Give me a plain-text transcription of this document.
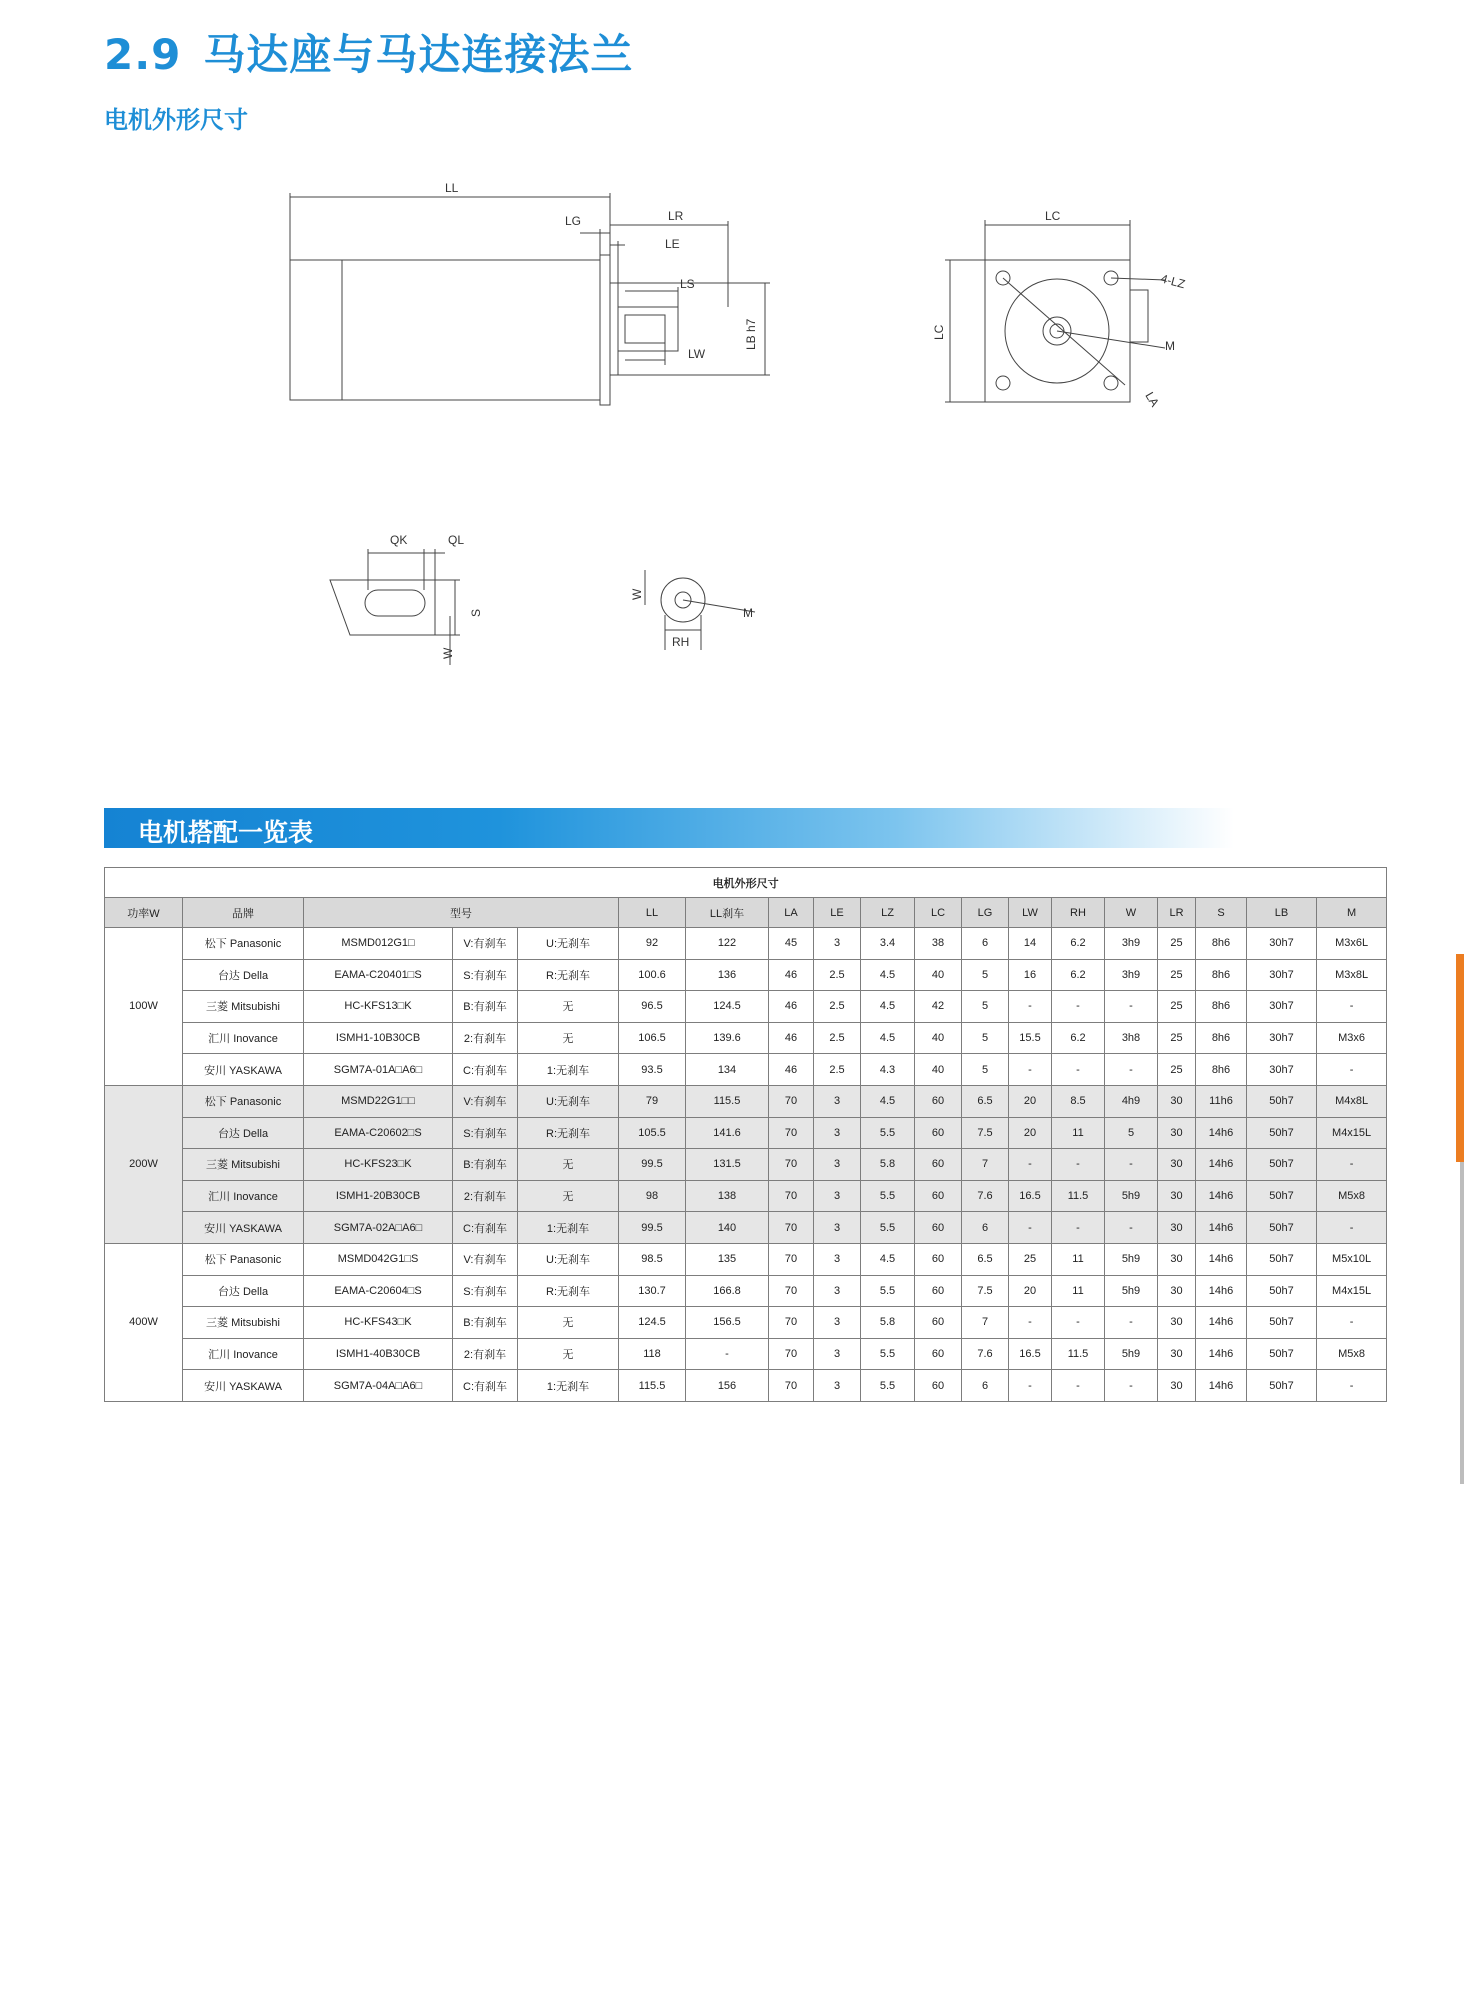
2.9 马达座与马达连接法兰
电机外形尺寸
LL
LG	LR
LE
LS
LW
LB h7
LC
LC
4-LZ
M
LA
QK	QL
S
W
W
RH
M
电机搭配一览表
电机外形尺寸																		
功率W	品牌	型号			LL	LL刹车	LA	LE	LZ	LC	LG	LW	RH	W	LR	S	LB	M
100W	松下 Panasonic	MSMD012G1□	V:有刹车	U:无刹车	92	122	45	3	3.4	38	6	14	6.2	3h9	25	8h6	30h7	M3x6L
	台达 Della	EAMA-C20401□S	S:有刹车	R:无刹车	100.6	136	46	2.5	4.5	40	5	16	6.2	3h9	25	8h6	30h7	M3x8L
	三菱 Mitsubishi	HC-KFS13□K	B:有刹车	无	96.5	124.5	46	2.5	4.5	42	5	-	-	-	25	8h6	30h7	-
	汇川 Inovance	ISMH1-10B30CB	2:有刹车	无	106.5	139.6	46	2.5	4.5	40	5	15.5	6.2	3h8	25	8h6	30h7	M3x6
	安川 YASKAWA	SGM7A-01A□A6□	C:有刹车	1:无刹车	93.5	134	46	2.5	4.3	40	5	-	-	-	25	8h6	30h7	-
200W	松下 Panasonic	MSMD22G1□□	V:有刹车	U:无刹车	79	115.5	70	3	4.5	60	6.5	20	8.5	4h9	30	11h6	50h7	M4x8L
	台达 Della	EAMA-C20602□S	S:有刹车	R:无刹车	105.5	141.6	70	3	5.5	60	7.5	20	11	5	30	14h6	50h7	M4x15L
	三菱 Mitsubishi	HC-KFS23□K	B:有刹车	无	99.5	131.5	70	3	5.8	60	7	-	-	-	30	14h6	50h7	-
	汇川 Inovance	ISMH1-20B30CB	2:有刹车	无	98	138	70	3	5.5	60	7.6	16.5	11.5	5h9	30	14h6	50h7	M5x8
	安川 YASKAWA	SGM7A-02A□A6□	C:有刹车	1:无刹车	99.5	140	70	3	5.5	60	6	-	-	-	30	14h6	50h7	-
400W	松下 Panasonic	MSMD042G1□S	V:有刹车	U:无刹车	98.5	135	70	3	4.5	60	6.5	25	11	5h9	30	14h6	50h7	M5x10L
	台达 Della	EAMA-C20604□S	S:有刹车	R:无刹车	130.7	166.8	70	3	5.5	60	7.5	20	11	5h9	30	14h6	50h7	M4x15L
	三菱 Mitsubishi	HC-KFS43□K	B:有刹车	无	124.5	156.5	70	3	5.8	60	7	-	-	-	30	14h6	50h7	-
	汇川 Inovance	ISMH1-40B30CB	2:有刹车	无	118	-	70	3	5.5	60	7.6	16.5	11.5	5h9	30	14h6	50h7	M5x8
	安川 YASKAWA	SGM7A-04A□A6□	C:有刹车	1:无刹车	115.5	156	70	3	5.5	60	6	-	-	-	30	14h6	50h7	-
